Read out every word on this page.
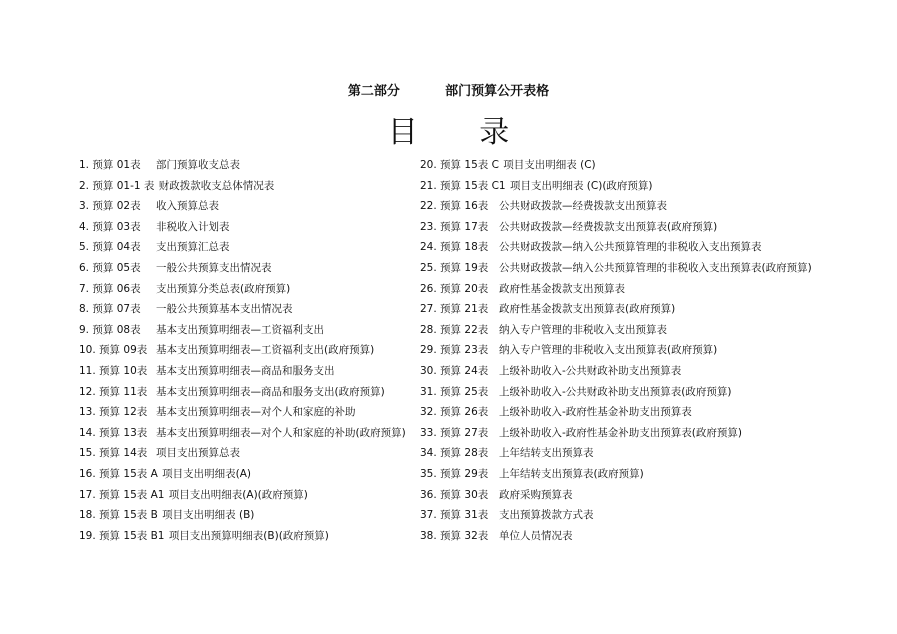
第二部分	部门预算公开表格
目 录
1. 预算 01表 部门预算收支总表
2. 预算 01-1 表 财政拨款收支总体情况表
3. 预算 02表 收入预算总表
4. 预算 03表 非税收入计划表
5. 预算 04表 支出预算汇总表
6. 预算 05表 一般公共预算支出情况表
7. 预算 06表 支出预算分类总表(政府预算)
8. 预算 07表 一般公共预算基本支出情况表
9. 预算 08表 基本支出预算明细表—工资福利支出
10. 预算 09表 基本支出预算明细表—工资福利支出(政府预算)
11. 预算 10表 基本支出预算明细表—商品和服务支出
12. 预算 11表 基本支出预算明细表—商品和服务支出(政府预算)
13. 预算 12表 基本支出预算明细表—对个人和家庭的补助
14. 预算 13表 基本支出预算明细表—对个人和家庭的补助(政府预算)
15. 预算 14表 项目支出预算总表
16. 预算 15表 A 项目支出明细表(A)
17. 预算 15表 A1 项目支出明细表(A)(政府预算)
18. 预算 15表 B 项目支出明细表 (B)
19. 预算 15表 B1 项目支出预算明细表(B)(政府预算)
20. 预算 15表 C 项目支出明细表 (C)
21. 预算 15表 C1 项目支出明细表 (C)(政府预算)
22. 预算 16表 公共财政拨款—经费拨款支出预算表
23. 预算 17表 公共财政拨款—经费拨款支出预算表(政府预算)
24. 预算 18表 公共财政拨款—纳入公共预算管理的非税收入支出预算表
25. 预算 19表 公共财政拨款—纳入公共预算管理的非税收入支出预算表(政府预算)
26. 预算 20表 政府性基金拨款支出预算表
27. 预算 21表 政府性基金拨款支出预算表(政府预算)
28. 预算 22表 纳入专户管理的非税收入支出预算表
29. 预算 23表 纳入专户管理的非税收入支出预算表(政府预算)
30. 预算 24表 上级补助收入-公共财政补助支出预算表
31. 预算 25表 上级补助收入-公共财政补助支出预算表(政府预算)
32. 预算 26表 上级补助收入-政府性基金补助支出预算表
33. 预算 27表 上级补助收入-政府性基金补助支出预算表(政府预算)
34. 预算 28表 上年结转支出预算表
35. 预算 29表 上年结转支出预算表(政府预算)
36. 预算 30表 政府采购预算表
37. 预算 31表 支出预算拨款方式表
38. 预算 32表 单位人员情况表
